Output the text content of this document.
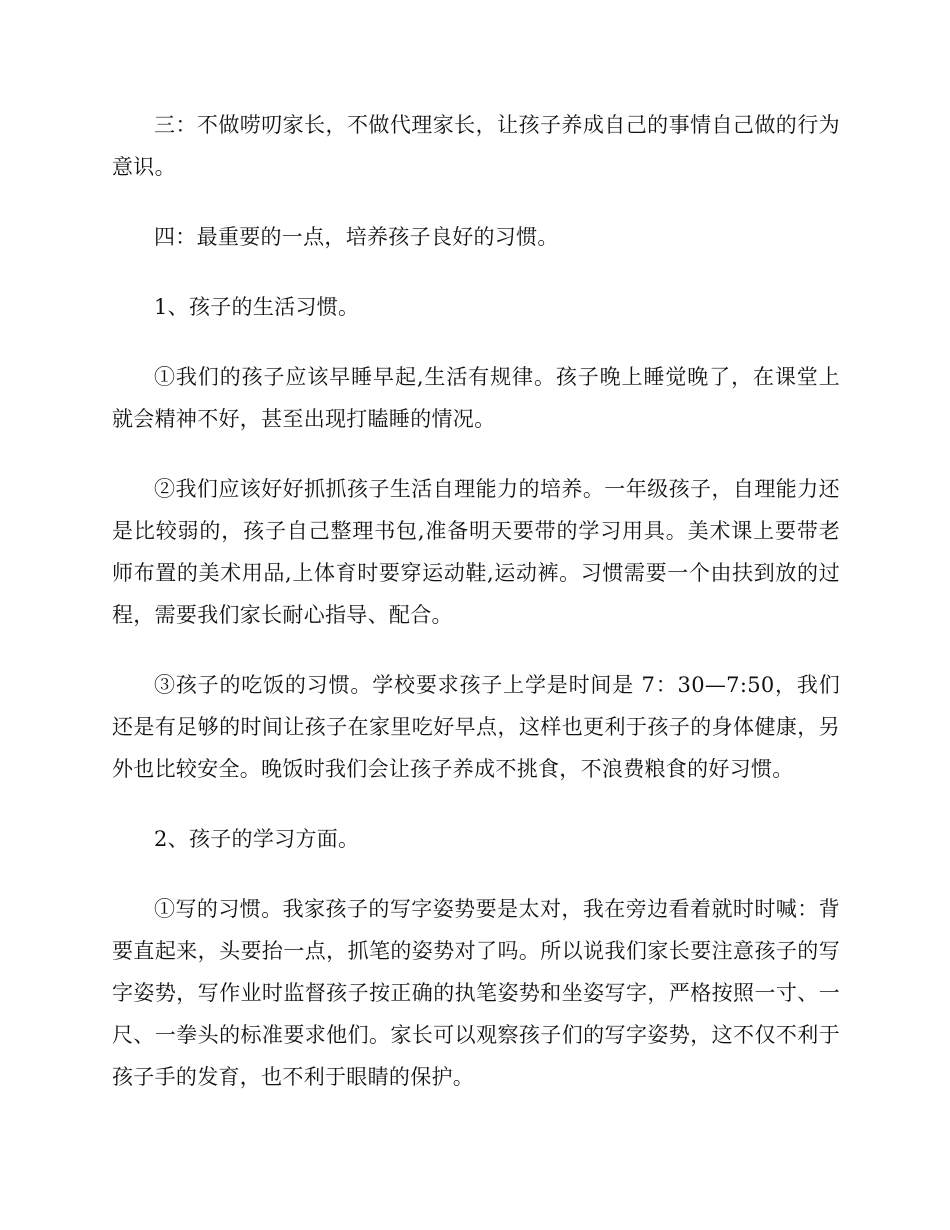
三：不做唠叨家长，不做代理家长，让孩子养成自己的事情自己做的行为意识。

四：最重要的一点，培养孩子良好的习惯。

1、孩子的生活习惯。

①我们的孩子应该早睡早起,生活有规律。孩子晚上睡觉晚了，在课堂上就会精神不好，甚至出现打瞌睡的情况。

②我们应该好好抓抓孩子生活自理能力的培养。一年级孩子，自理能力还是比较弱的，孩子自己整理书包,准备明天要带的学习用具。美术课上要带老师布置的美术用品,上体育时要穿运动鞋,运动裤。习惯需要一个由扶到放的过程，需要我们家长耐心指导、配合。

③孩子的吃饭的习惯。学校要求孩子上学是时间是 7：30—7:50，我们还是有足够的时间让孩子在家里吃好早点，这样也更利于孩子的身体健康，另外也比较安全。晚饭时我们会让孩子养成不挑食，不浪费粮食的好习惯。

2、孩子的学习方面。

①写的习惯。我家孩子的写字姿势要是太对，我在旁边看着就时时喊：背要直起来，头要抬一点，抓笔的姿势对了吗。所以说我们家长要注意孩子的写字姿势，写作业时监督孩子按正确的执笔姿势和坐姿写字，严格按照一寸、一尺、一拳头的标准要求他们。家长可以观察孩子们的写字姿势，这不仅不利于孩子手的发育，也不利于眼睛的保护。
